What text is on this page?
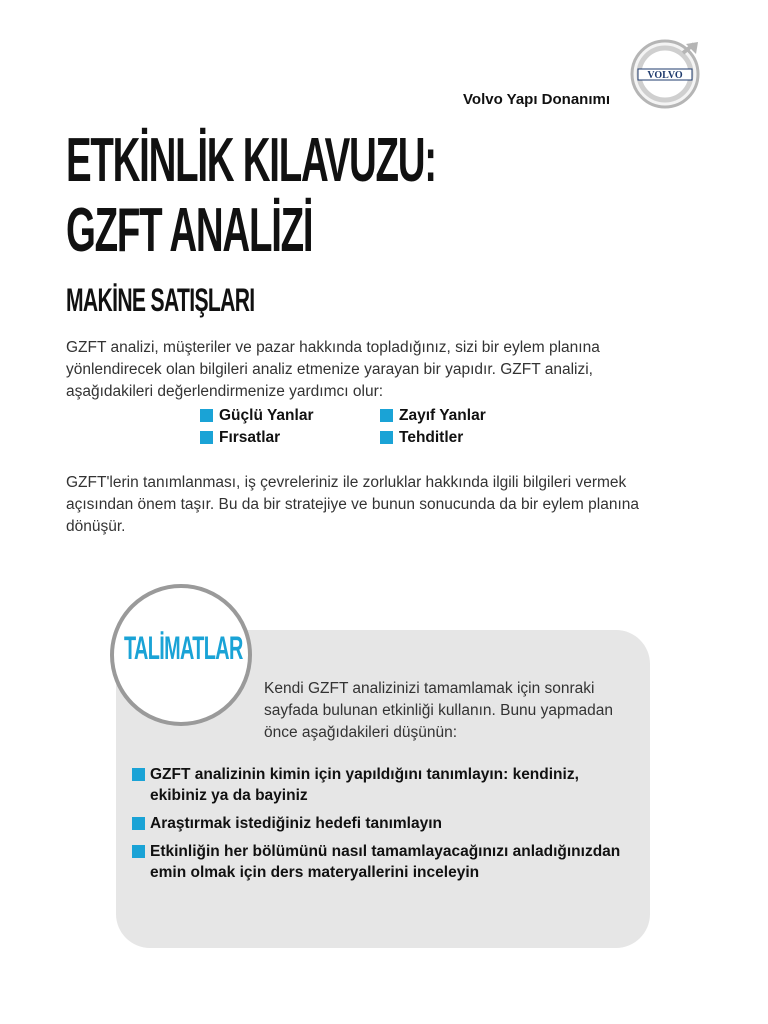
VOLVO
Volvo Yapı Donanımı
ETKİNLİK KILAVUZU:
GZFT ANALİZİ
MAKİNE SATIŞLARI

GZFT analizi, müşteriler ve pazar hakkında topladığınız, sizi bir eylem planına yönlendirecek olan bilgileri analiz etmenize yarayan bir yapıdır. GZFT analizi, aşağıdakileri değerlendirmenize yardımcı olur:

Güçlü Yanlar	Zayıf Yanlar
Fırsatlar	Tehditler

GZFT'lerin tanımlanması, iş çevreleriniz ile zorluklar hakkında ilgili bilgileri vermek açısından önem taşır. Bu da bir stratejiye ve bunun sonucunda da bir eylem planına dönüşür.

TALİMATLAR

Kendi GZFT analizinizi tamamlamak için sonraki sayfada bulunan etkinliği kullanın. Bunu yapmadan önce aşağıdakileri düşünün:

GZFT analizinin kimin için yapıldığını tanımlayın: kendiniz, ekibiniz ya da bayiniz
Araştırmak istediğiniz hedefi tanımlayın
Etkinliğin her bölümünü nasıl tamamlayacağınızı anladığınızdan emin olmak için ders materyallerini inceleyin
